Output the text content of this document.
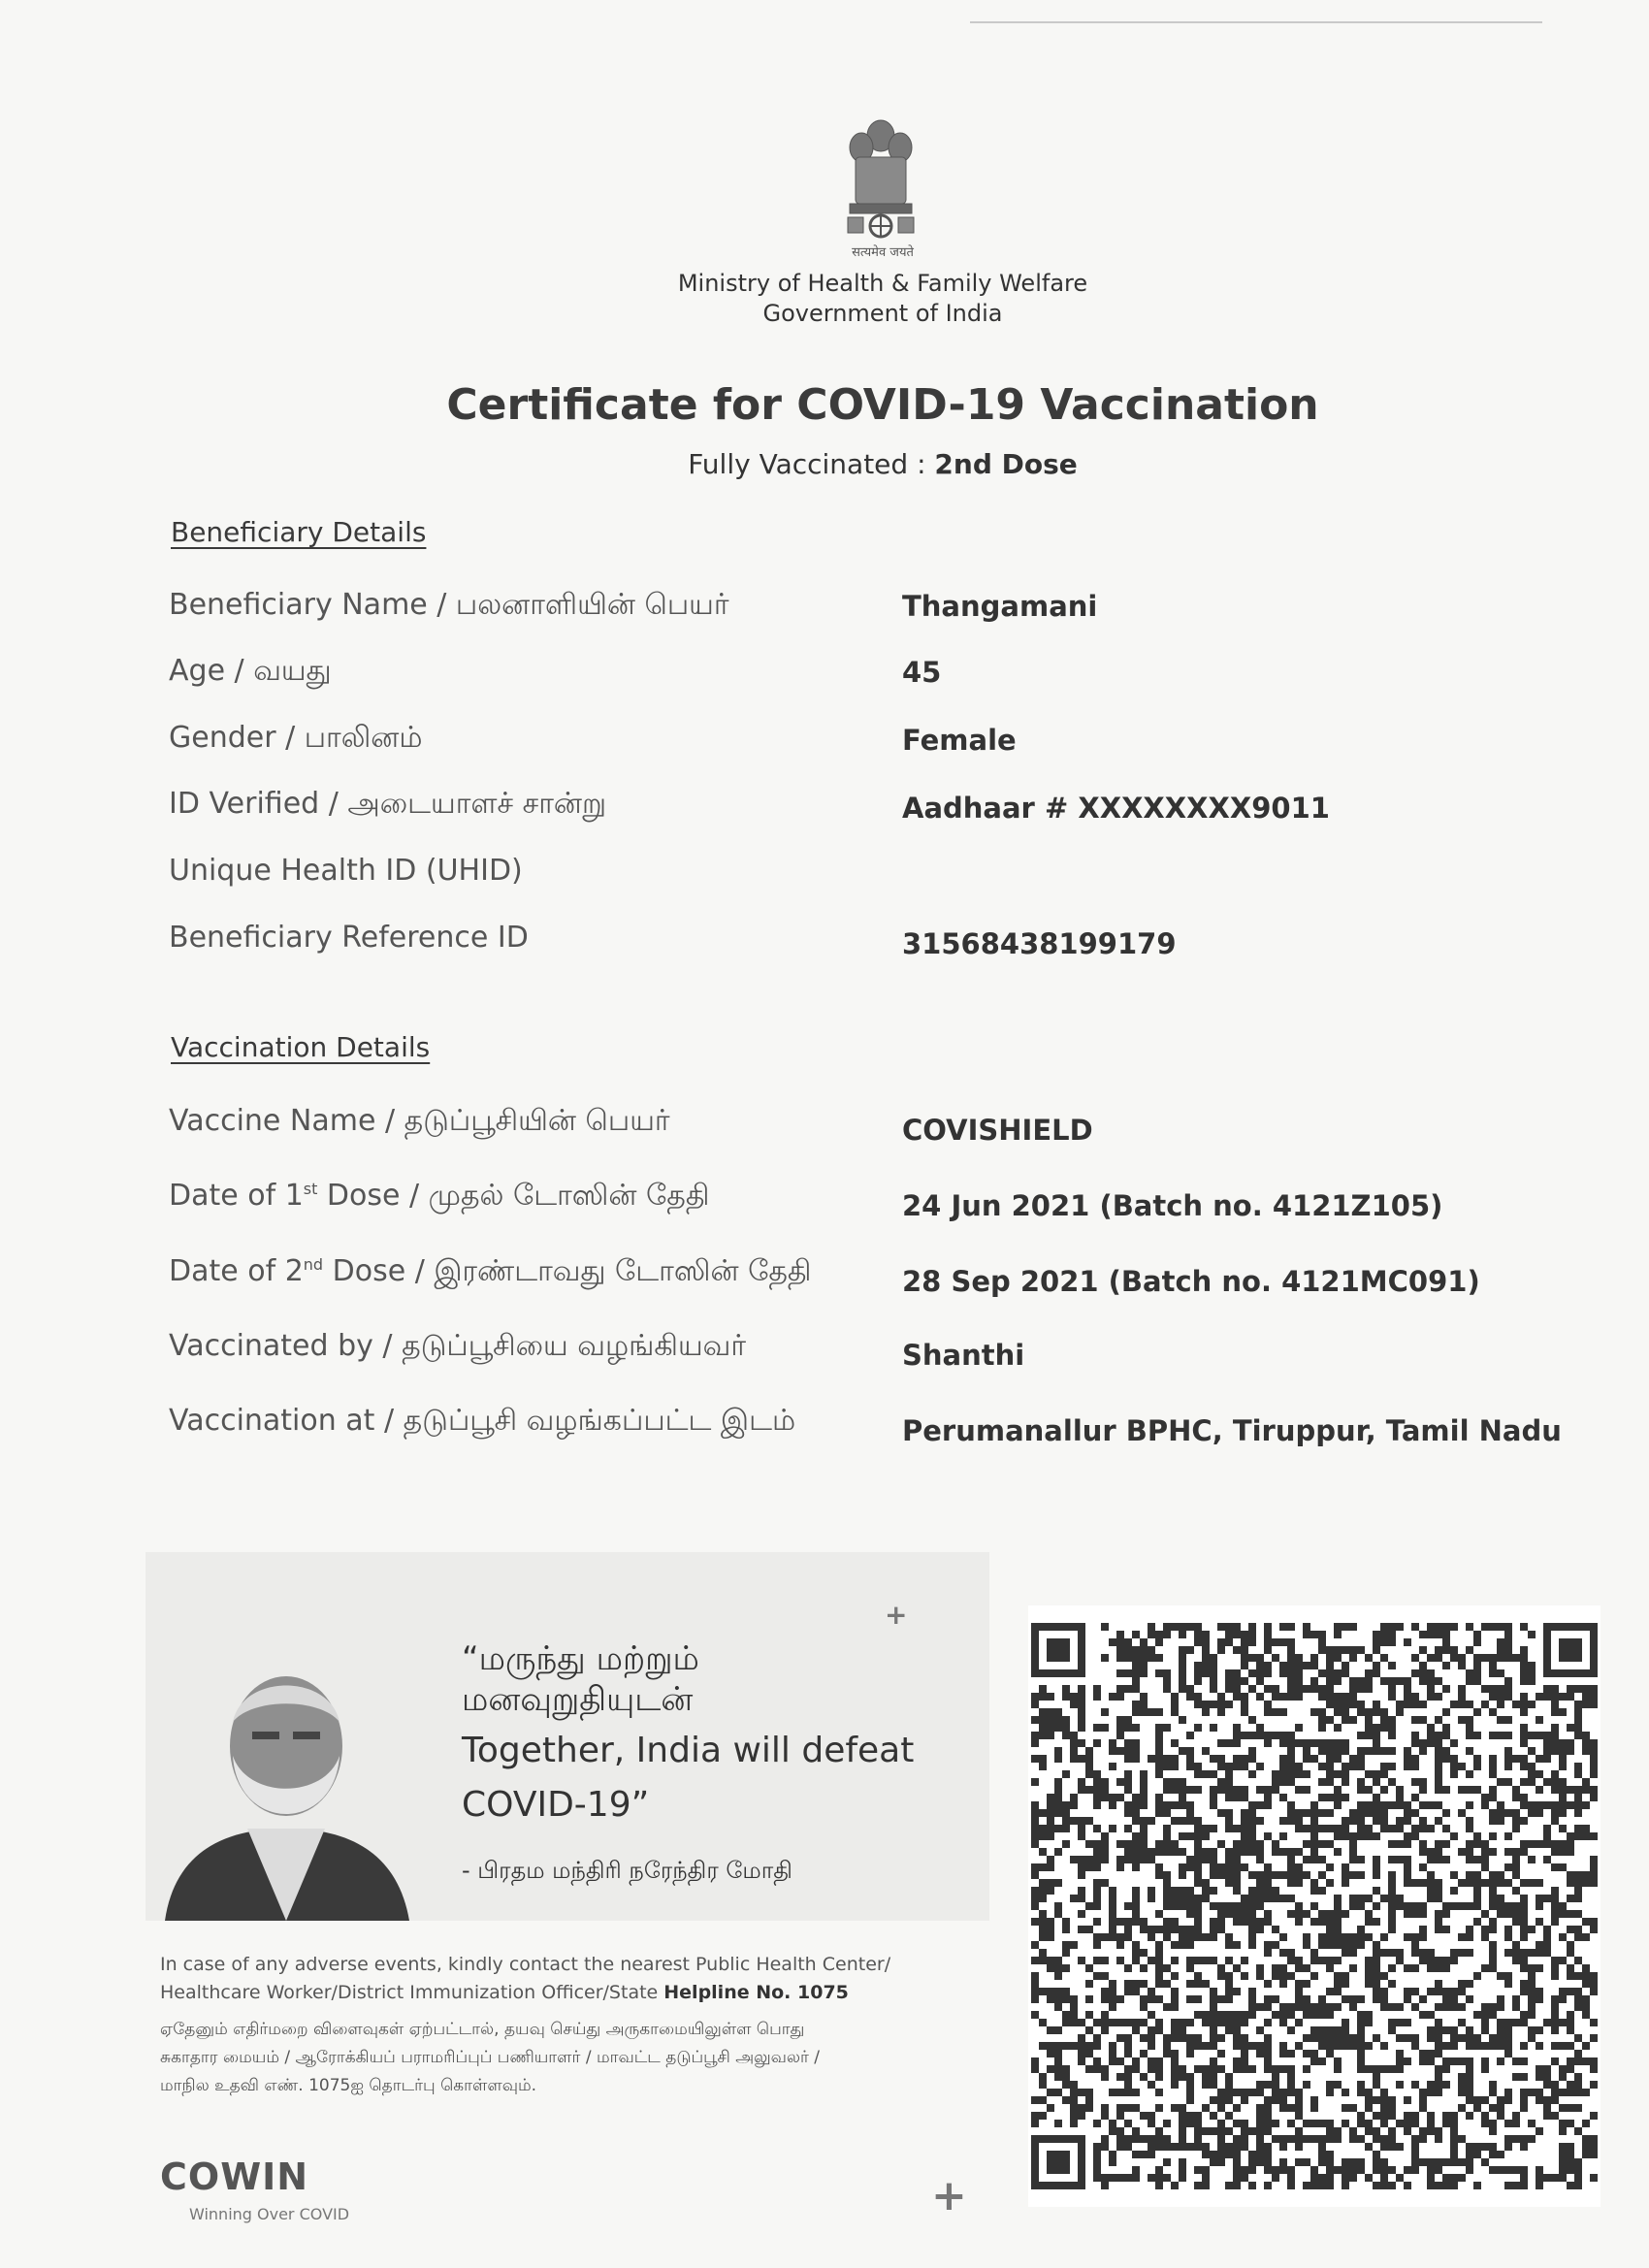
सत्यमेव जयते
Ministry of Health & Family Welfare
Government of India
Certificate for COVID-19 Vaccination
Fully Vaccinated : 2nd Dose
Beneficiary Details
Beneficiary Name / பலனாளியின் பெயர்	Thangamani
Age / வயது	45
Gender / பாலினம்	Female
ID Verified / அடையாளச் சான்று	Aadhaar # XXXXXXXX9011
Unique Health ID (UHID)
Beneficiary Reference ID	31568438199179
Vaccination Details
Vaccine Name / தடுப்பூசியின் பெயர்	COVISHIELD
Date of 1st Dose / முதல் டோஸின் தேதி	24 Jun 2021 (Batch no. 4121Z105)
Date of 2nd Dose / இரண்டாவது டோஸின் தேதி	28 Sep 2021 (Batch no. 4121MC091)
Vaccinated by / தடுப்பூசியை வழங்கியவர்	Shanthi
Vaccination at / தடுப்பூசி வழங்கப்பட்ட இடம்	Perumanallur BPHC, Tiruppur, Tamil Nadu
“மருந்து மற்றும்
மனவுறுதியுடன்
Together, India will defeat
COVID-19”
- பிரதம மந்திரி நரேந்திர மோதி
In case of any adverse events, kindly contact the nearest Public Health Center/
Healthcare Worker/District Immunization Officer/State Helpline No. 1075
ஏதேனும் எதிர்மறை விளைவுகள் ஏற்பட்டால், தயவு செய்து அருகாமையிலுள்ள பொது
சுகாதார மையம் / ஆரோக்கியப் பராமரிப்புப் பணியாளர் / மாவட்ட தடுப்பூசி அலுவலர் /
மாநில உதவி எண். 1075ஐ தொடர்பு கொள்ளவும்.
COWIN
Winning Over COVID
+
+
